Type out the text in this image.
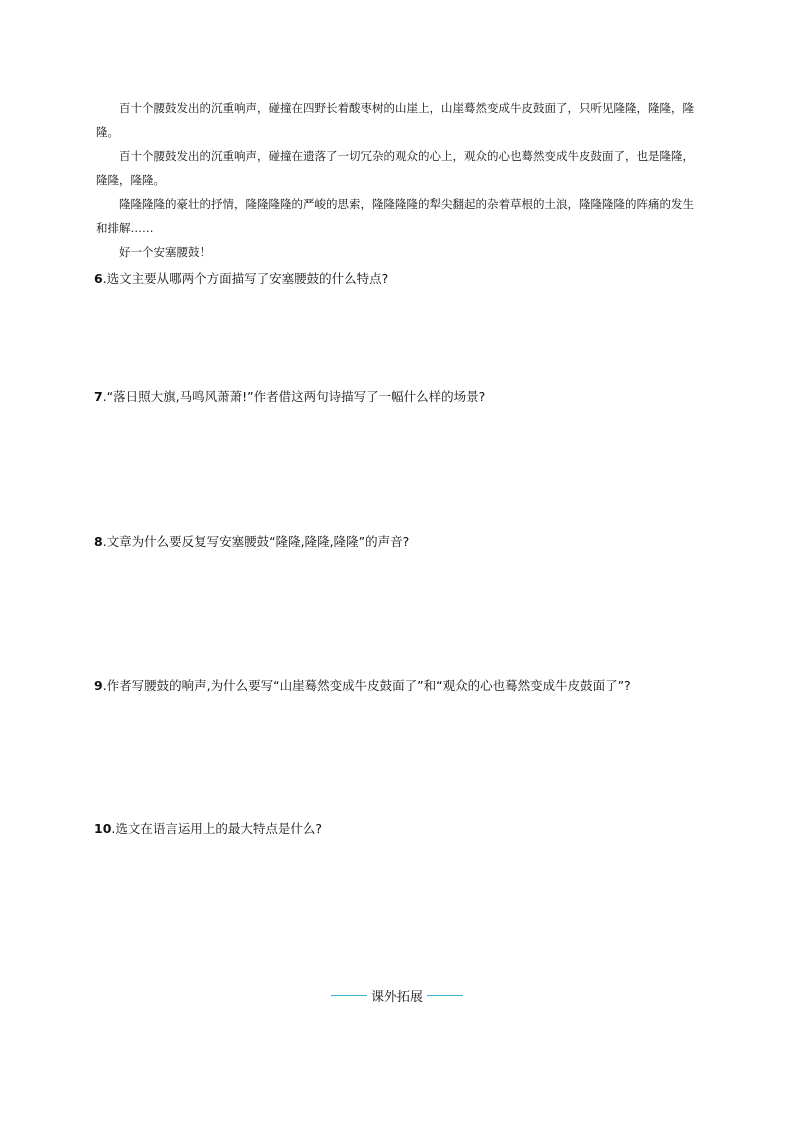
百十个腰鼓发出的沉重响声，碰撞在四野长着酸枣树的山崖上，山崖蓦然变成牛皮鼓面了，只听见隆隆，隆隆，隆隆。
百十个腰鼓发出的沉重响声，碰撞在遗落了一切冗杂的观众的心上，观众的心也蓦然变成牛皮鼓面了，也是隆隆，隆隆，隆隆。
隆隆隆隆的豪壮的抒情，隆隆隆隆的严峻的思索，隆隆隆隆的犁尖翻起的杂着草根的土浪，隆隆隆隆的阵痛的发生和排解……
好一个安塞腰鼓！
6.选文主要从哪两个方面描写了安塞腰鼓的什么特点?
7.“落日照大旗,马鸣风萧萧!”作者借这两句诗描写了一幅什么样的场景?
8.文章为什么要反复写安塞腰鼓“隆隆,隆隆,隆隆”的声音?
9.作者写腰鼓的响声,为什么要写“山崖蓦然变成牛皮鼓面了”和“观众的心也蓦然变成牛皮鼓面了”?
10.选文在语言运用上的最大特点是什么?
课外拓展
